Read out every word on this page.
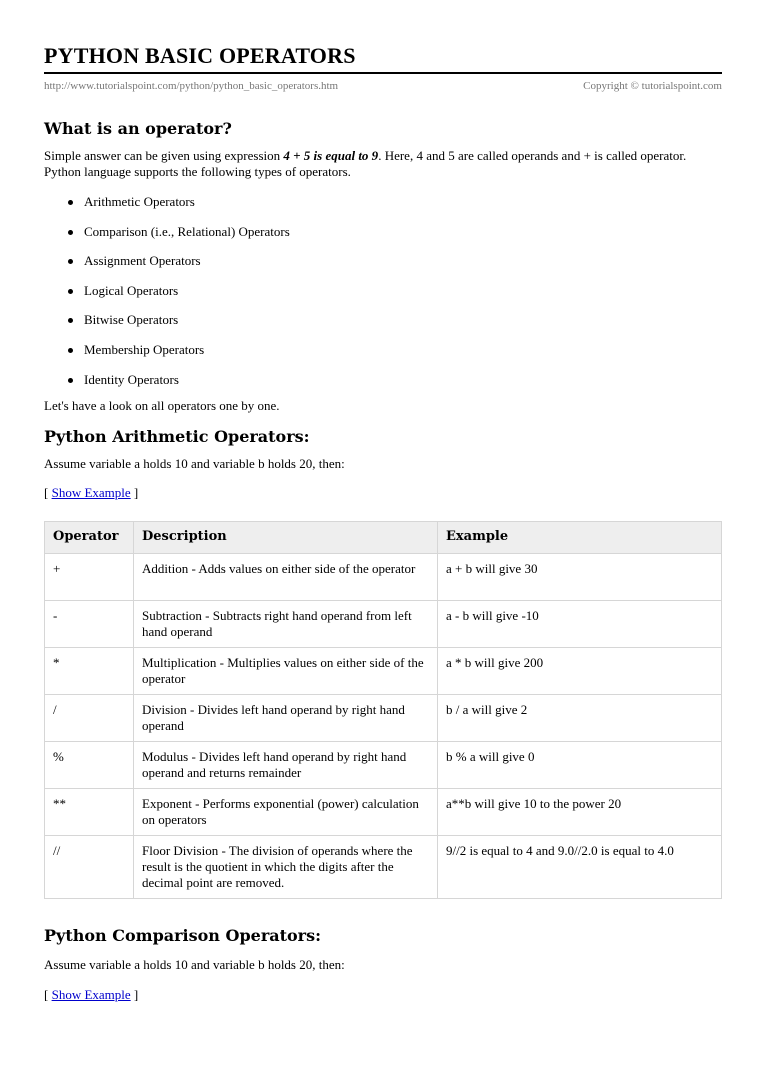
PYTHON BASIC OPERATORS
http://www.tutorialspoint.com/python/python_basic_operators.htm	Copyright © tutorialspoint.com
What is an operator?

Simple answer can be given using expression 4 + 5 is equal to 9. Here, 4 and 5 are called operands and + is called operator. Python language supports the following types of operators.

Arithmetic Operators
Comparison (i.e., Relational) Operators
Assignment Operators
Logical Operators
Bitwise Operators
Membership Operators
Identity Operators

Let's have a look on all operators one by one.

Python Arithmetic Operators:

Assume variable a holds 10 and variable b holds 20, then:

[ Show Example ]
Operator	Description	Example
+	Addition - Adds values on either side of the operator	a + b will give 30
-	Subtraction - Subtracts right hand operand from left hand operand	a - b will give -10
*	Multiplication - Multiplies values on either side of the operator	a * b will give 200
/	Division - Divides left hand operand by right hand operand	b / a will give 2
%	Modulus - Divides left hand operand by right hand operand and returns remainder	b % a will give 0
**	Exponent - Performs exponential (power) calculation on operators	a**b will give 10 to the power 20
//	Floor Division - The division of operands where the result is the quotient in which the digits after the decimal point are removed.	9//2 is equal to 4 and 9.0//2.0 is equal to 4.0
Python Comparison Operators:

Assume variable a holds 10 and variable b holds 20, then:

[ Show Example ]
